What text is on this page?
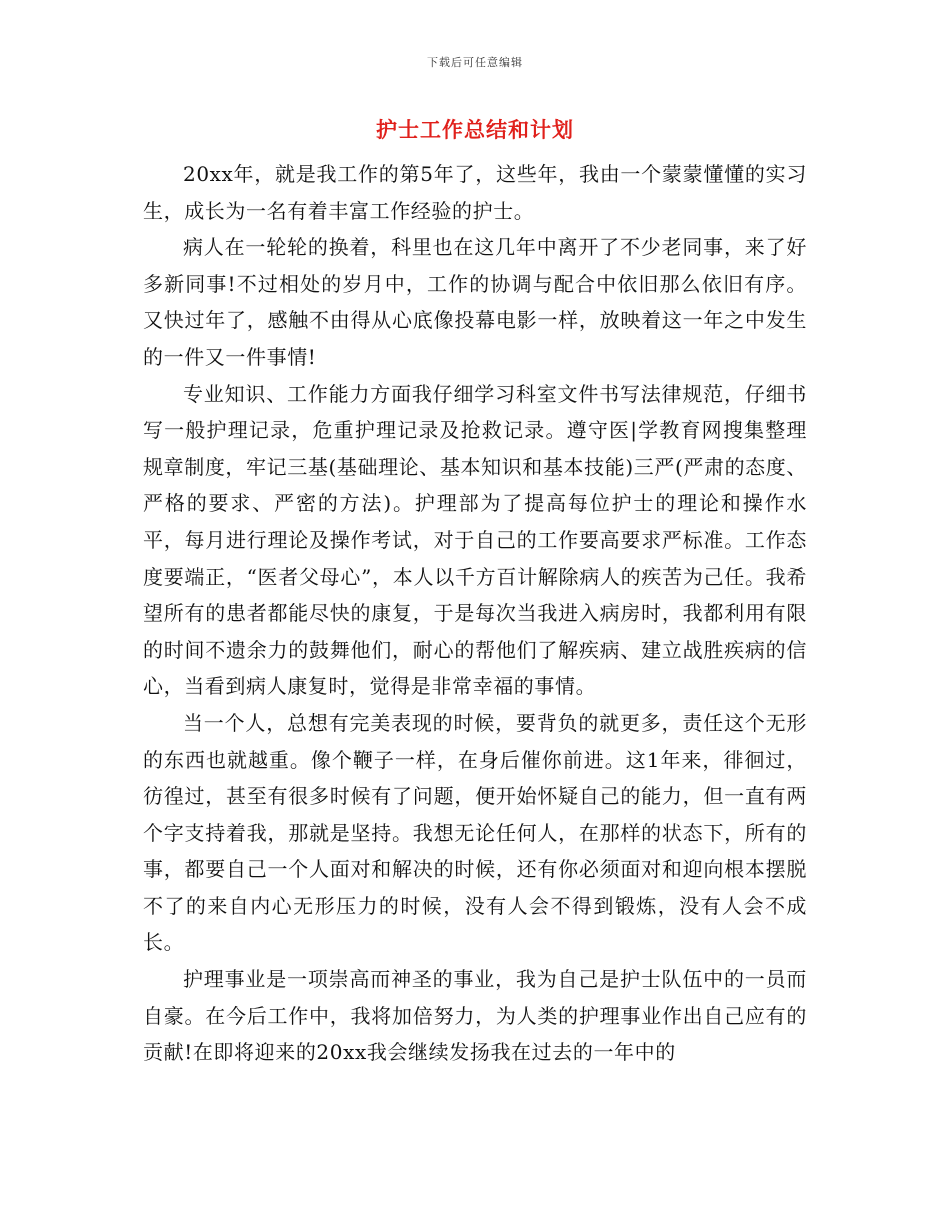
下载后可任意编辑
护士工作总结和计划

20xx年，就是我工作的第5年了，这些年，我由一个蒙蒙懂懂的实习生，成长为一名有着丰富工作经验的护士。

病人在一轮轮的换着，科里也在这几年中离开了不少老同事，来了好多新同事!不过相处的岁月中，工作的协调与配合中依旧那么依旧有序。又快过年了，感触不由得从心底像投幕电影一样，放映着这一年之中发生的一件又一件事情!

专业知识、工作能力方面我仔细学习科室文件书写法律规范，仔细书写一般护理记录，危重护理记录及抢救记录。遵守医|学教育网搜集整理规章制度，牢记三基(基础理论、基本知识和基本技能)三严(严肃的态度、严格的要求、严密的方法)。护理部为了提高每位护士的理论和操作水平，每月进行理论及操作考试，对于自己的工作要高要求严标准。工作态度要端正，“医者父母心”，本人以千方百计解除病人的疾苦为己任。我希望所有的患者都能尽快的康复，于是每次当我进入病房时，我都利用有限的时间不遗余力的鼓舞他们，耐心的帮他们了解疾病、建立战胜疾病的信心，当看到病人康复时，觉得是非常幸福的事情。

当一个人，总想有完美表现的时候，要背负的就更多，责任这个无形的东西也就越重。像个鞭子一样，在身后催你前进。这1年来，徘徊过，彷徨过，甚至有很多时候有了问题，便开始怀疑自己的能力，但一直有两个字支持着我，那就是坚持。我想无论任何人，在那样的状态下，所有的事，都要自己一个人面对和解决的时候，还有你必须面对和迎向根本摆脱不了的来自内心无形压力的时候，没有人会不得到锻炼，没有人会不成长。

护理事业是一项崇高而神圣的事业，我为自己是护士队伍中的一员而自豪。在今后工作中，我将加倍努力，为人类的护理事业作出自己应有的贡献!在即将迎来的20xx我会继续发扬我在过去的一年中的
